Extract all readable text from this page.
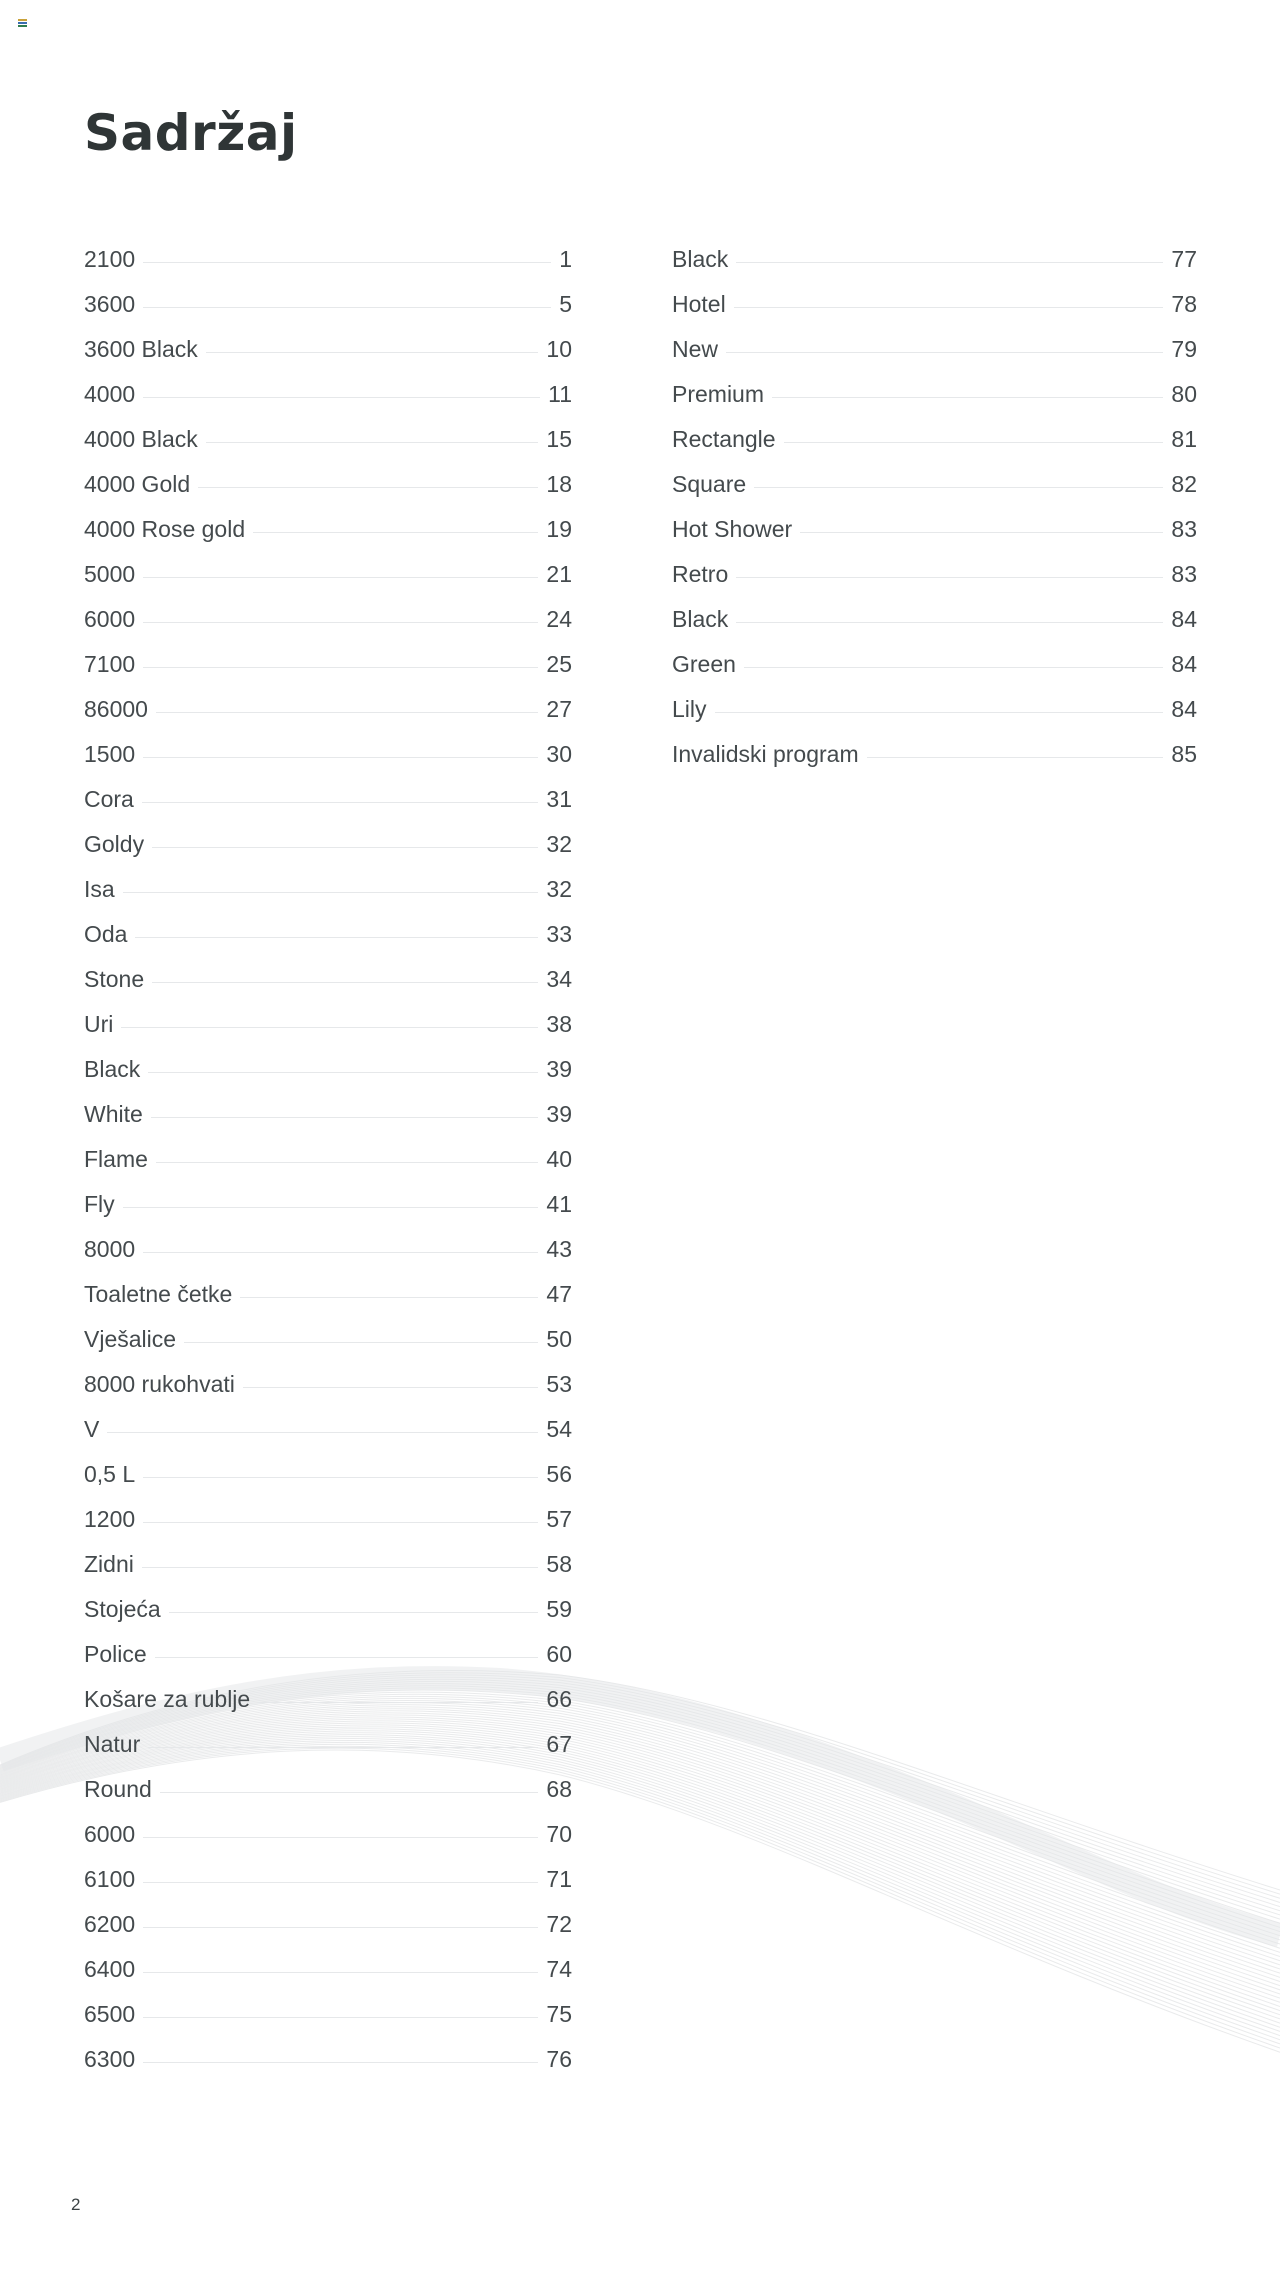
Sadržaj
2100	1
3600	5
3600 Black	10
4000	11
4000 Black	15
4000 Gold	18
4000 Rose gold	19
5000	21
6000	24
7100	25
86000	27
1500	30
Cora	31
Goldy	32
Isa	32
Oda	33
Stone	34
Uri	38
Black	39
White	39
Flame	40
Fly	41
8000	43
Toaletne četke	47
Vješalice	50
8000 rukohvati	53
V	54
0,5 L	56
1200	57
Zidni	58
Stojeća	59
Police	60
Košare za rublje	66
Natur	67
Round	68
6000	70
6100	71
6200	72
6400	74
6500	75
6300	76
Black	77
Hotel	78
New	79
Premium	80
Rectangle	81
Square	82
Hot Shower	83
Retro	83
Black	84
Green	84
Lily	84
Invalidski program	85
2
